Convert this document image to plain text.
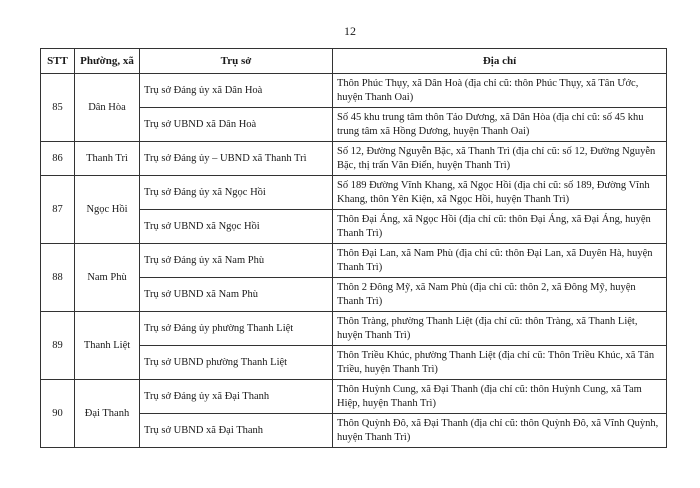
12
STT	Phường, xã	Trụ sở	Địa chỉ
85	Dân Hòa	Trụ sở Đảng ủy xã Dân Hoà	Thôn Phúc Thụy, xã Dân Hoà (địa chỉ cũ: thôn Phúc Thụy, xã Tân Ước, huyện Thanh Oai)
		Trụ sở UBND xã Dân Hoà	Số 45 khu trung tâm thôn Tảo Dương, xã Dân Hòa (địa chỉ cũ: số 45 khu trung tâm xã Hồng Dương, huyện Thanh Oai)
86	Thanh Trì	Trụ sở Đảng ủy – UBND xã Thanh Trì	Số 12, Đường Nguyễn Bặc, xã Thanh Trì (địa chỉ cũ: số 12, Đường Nguyễn Bặc, thị trấn Văn Điển, huyện Thanh Trì)
87	Ngọc Hồi	Trụ sở Đảng ủy xã Ngọc Hồi	Số 189 Đường Vĩnh Khang, xã Ngọc Hồi (địa chỉ cũ: số 189, Đường Vĩnh Khang, thôn Yên Kiện, xã Ngọc Hồi, huyện Thanh Trì)
		Trụ sở UBND xã Ngọc Hồi	Thôn Đại Áng, xã Ngọc Hồi (địa chỉ cũ: thôn Đại Áng, xã Đại Áng, huyện Thanh Trì)
88	Nam Phù	Trụ sở Đảng ủy xã Nam Phù	Thôn Đại Lan, xã Nam Phù (địa chỉ cũ: thôn Đại Lan, xã Duyên Hà, huyện Thanh Trì)
		Trụ sở UBND xã Nam Phù	Thôn 2 Đông Mỹ, xã Nam Phù (địa chỉ cũ: thôn 2, xã Đông Mỹ, huyện Thanh Trì)
89	Thanh Liệt	Trụ sở Đảng ủy phường Thanh Liệt	Thôn Tràng, phường Thanh Liệt (địa chỉ cũ: thôn Tràng, xã Thanh Liệt, huyện Thanh Trì)
		Trụ sở UBND phường Thanh Liệt	Thôn Triều Khúc, phường Thanh Liệt (địa chỉ cũ: Thôn Triều Khúc, xã Tân Triều, huyện Thanh Trì)
90	Đại Thanh	Trụ sở Đảng ủy xã Đại Thanh	Thôn Huỳnh Cung, xã Đại Thanh (địa chỉ cũ: thôn Huỳnh Cung, xã Tam Hiệp, huyện Thanh Trì)
		Trụ sở UBND xã Đại Thanh	Thôn Quỳnh Đô, xã Đại Thanh (địa chỉ cũ: thôn Quỳnh Đô, xã Vĩnh Quỳnh, huyện Thanh Trì)
